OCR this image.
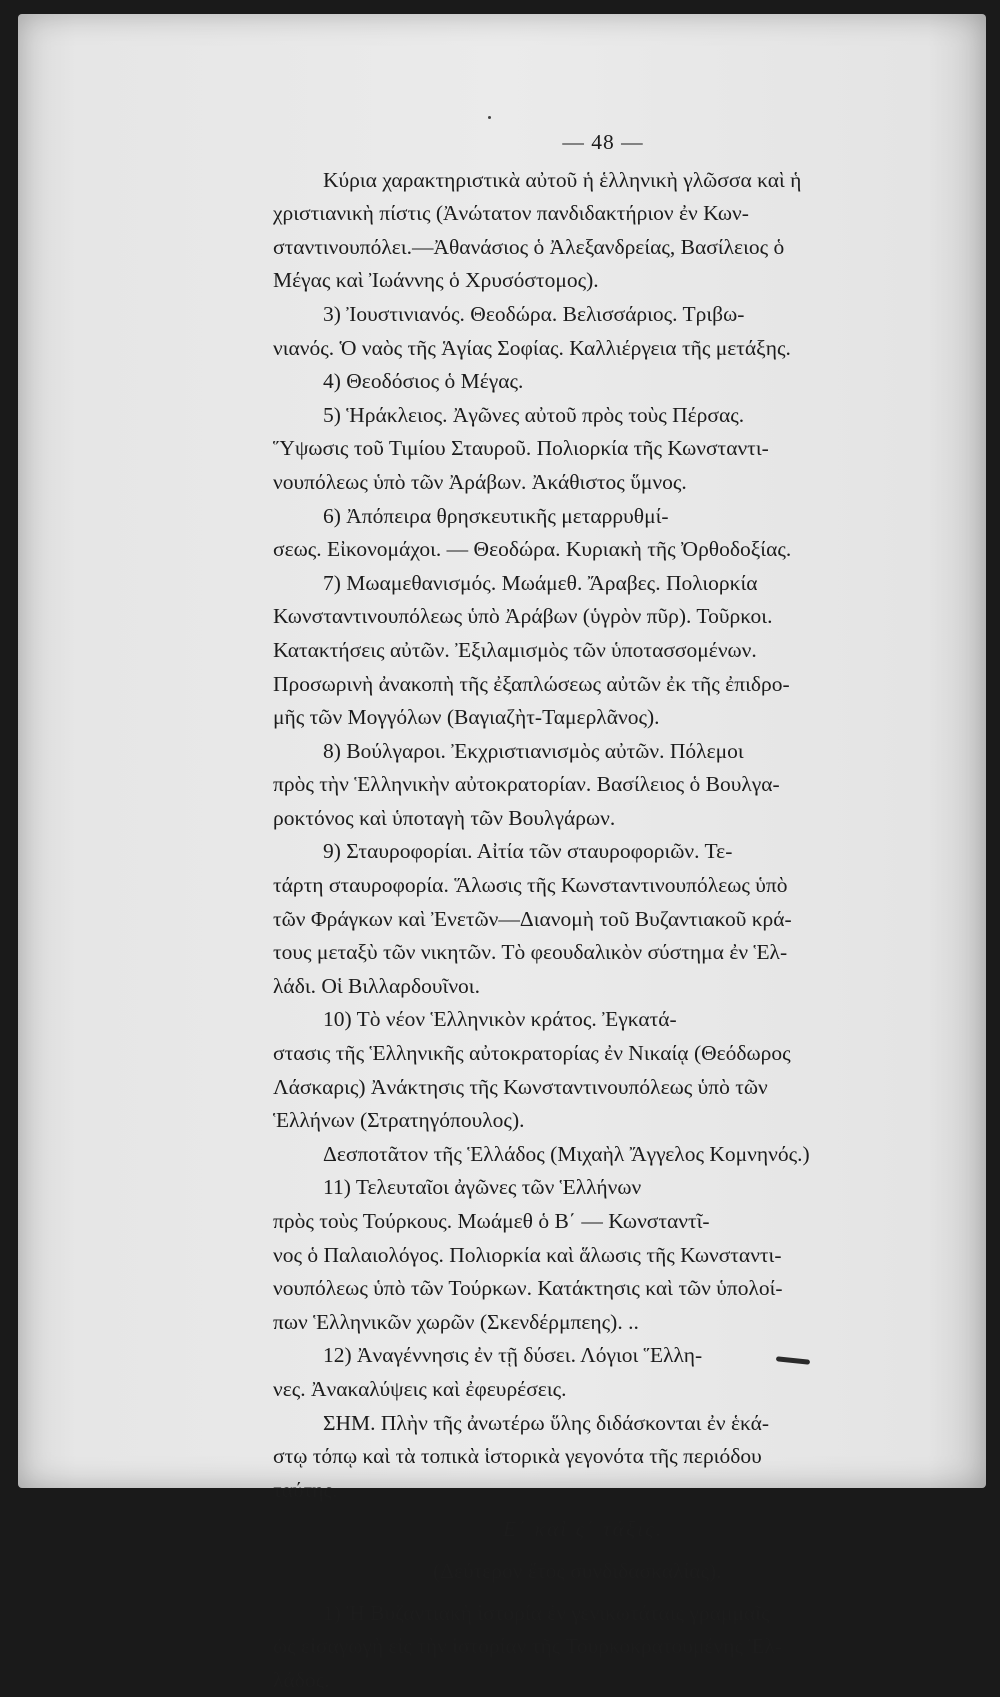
— 48 —
Κύρια χαρακτηριστικὰ αὐτοῦ ἡ ἑλληνικὴ γλῶσσα καὶ ἡ
χριστιανικὴ πίστις (Ἀνώτατον πανδιδακτήριον ἐν Κων-
σταντινουπόλει.—Ἀθανάσιος ὁ Ἀλεξανδρείας, Βασίλειος ὁ
Μέγας καὶ Ἰωάννης ὁ Χρυσόστομος).
3) Ἰουστινιανός. Θεοδώρα. Βελισσάριος. Τριβω-
νιανός. Ὁ ναὸς τῆς Ἁγίας Σοφίας. Καλλιέργεια τῆς μετάξης.
4) Θεοδόσιος ὁ Μέγας.
5) Ἡράκλειος. Ἀγῶνες αὐτοῦ πρὸς τοὺς Πέρσας.
Ὕψωσις τοῦ Τιμίου Σταυροῦ. Πολιορκία τῆς Κωνσταντι-
νουπόλεως ὑπὸ τῶν Ἀράβων. Ἀκάθιστος ὕμνος.
6) Ἀπόπειρα θρησκευτικῆς μεταρρυθμί-
σεως. Εἰκονομάχοι. — Θεοδώρα. Κυριακὴ τῆς Ὀρθοδοξίας.
7) Μωαμεθανισμός. Μωάμεθ. Ἄραβες. Πολιορκία
Κωνσταντινουπόλεως ὑπὸ Ἀράβων (ὑγρὸν πῦρ). Τοῦρκοι.
Κατακτήσεις αὐτῶν. Ἐξιλαμισμὸς τῶν ὑποτασσομένων.
Προσωρινὴ ἀνακοπὴ τῆς ἐξαπλώσεως αὐτῶν ἐκ τῆς ἐπιδρο-
μῆς τῶν Μογγόλων (Βαγιαζὴτ-Ταμερλᾶνος).
8) Βούλγαροι. Ἐκχριστιανισμὸς αὐτῶν. Πόλεμοι
πρὸς τὴν Ἑλληνικὴν αὐτοκρατορίαν. Βασίλειος ὁ Βουλγα-
ροκτόνος καὶ ὑποταγὴ τῶν Βουλγάρων.
9) Σταυροφορίαι. Αἰτία τῶν σταυροφοριῶν. Τε-
τάρτη σταυροφορία. Ἅλωσις τῆς Κωνσταντινουπόλεως ὑπὸ
τῶν Φράγκων καὶ Ἐνετῶν—Διανομὴ τοῦ Βυζαντιακοῦ κρά-
τους μεταξὺ τῶν νικητῶν. Τὸ φεουδαλικὸν σύστημα ἐν Ἑλ-
λάδι. Οἱ Βιλλαρδουῖνοι.
10) Τὸ νέον Ἑλληνικὸν κράτος. Ἐγκατά-
στασις τῆς Ἑλληνικῆς αὐτοκρατορίας ἐν Νικαίᾳ (Θεόδωρος
Λάσκαρις) Ἀνάκτησις τῆς Κωνσταντινουπόλεως ὑπὸ τῶν
Ἑλλήνων (Στρατηγόπουλος).
Δεσποτᾶτον τῆς Ἑλλάδος (Μιχαὴλ Ἄγγελος Κομνηνός.)
11) Τελευταῖοι ἀγῶνες τῶν Ἑλλήνων
πρὸς τοὺς Τούρκους. Μωάμεθ ὁ Β΄ — Κωνσταντῖ-
νος ὁ Παλαιολόγος. Πολιορκία καὶ ἅλωσις τῆς Κωνσταντι-
νουπόλεως ὑπὸ τῶν Τούρκων. Κατάκτησις καὶ τῶν ὑπολοί-
πων Ἑλληνικῶν χωρῶν (Σκενδέρμπεης). ..
12) Ἀναγέννησις ἐν τῇ δύσει. Λόγιοι Ἕλλη-
νες. Ἀνακαλύψεις καὶ ἐφευρέσεις.
ΣΗΜ. Πλὴν τῆς ἀνωτέρω ὕλης διδάσκονται ἐν ἑκά-
στῳ τόπῳ καὶ τὰ τοπικὰ ἱστορικὰ γεγονότα τῆς περιόδου
ταύτης.
Ε΄ καὶ ς΄ τάξις.
(Δεύτερον ἔτος συνδιδασκαλίας).
1) Ἡ Βυζαντιακὴ ἱστορία ἐν γενικωτάταις γραμμαῖς
ὡς εἰσαγωγὴ εἰς τὴν ἱστορίαν τῆς Τουρκοκρατουμένης Ἑλ-
λάδος.
